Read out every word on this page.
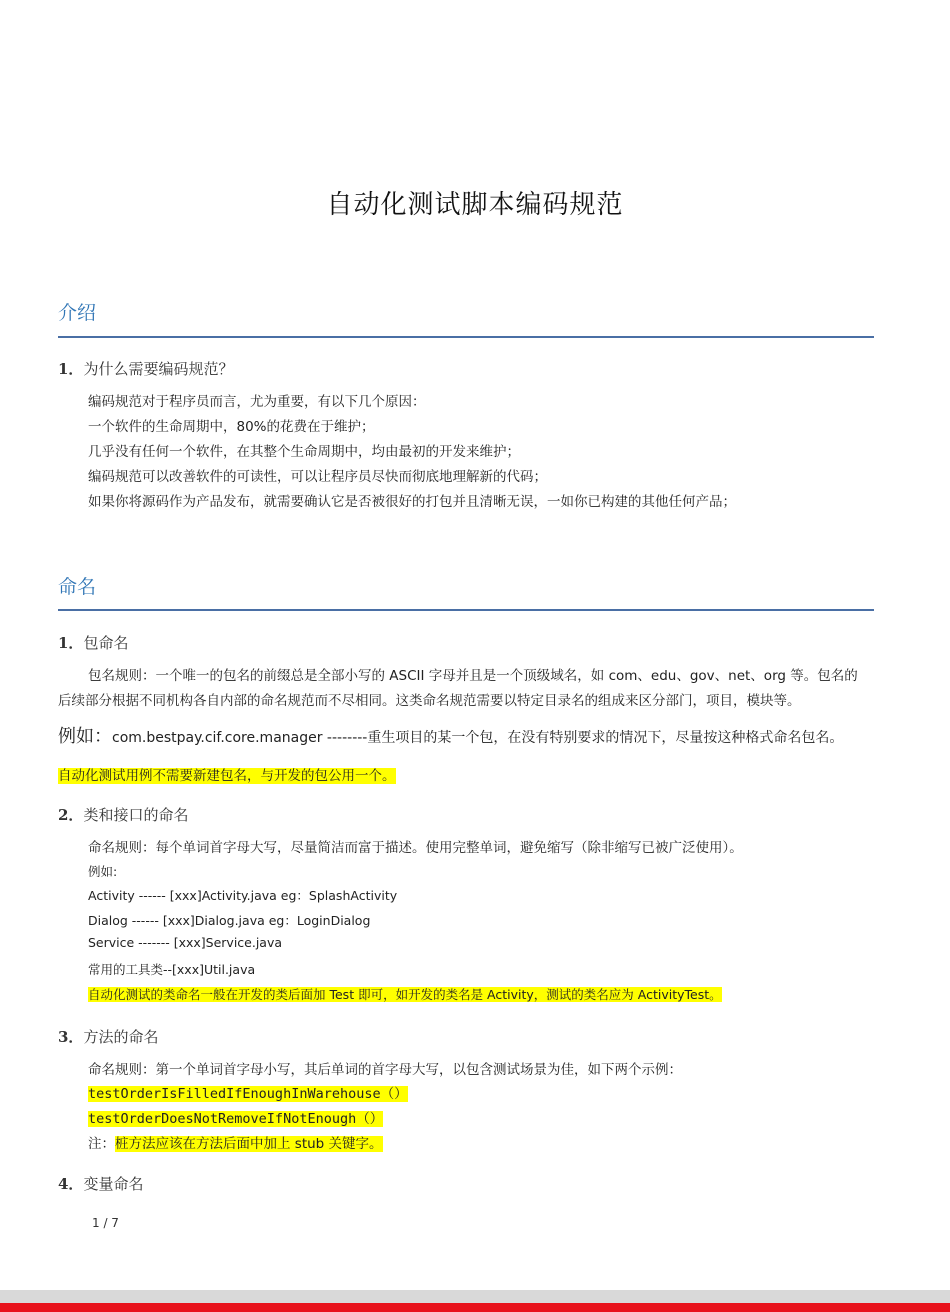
自动化测试脚本编码规范
介绍
1．为什么需要编码规范？
编码规范对于程序员而言，尤为重要，有以下几个原因：
一个软件的生命周期中，80%的花费在于维护；
几乎没有任何一个软件，在其整个生命周期中，均由最初的开发来维护；
编码规范可以改善软件的可读性，可以让程序员尽快而彻底地理解新的代码；
如果你将源码作为产品发布，就需要确认它是否被很好的打包并且清晰无误，一如你已构建的其他任何产品；
命名
1．包命名
包名规则：一个唯一的包名的前缀总是全部小写的 ASCII 字母并且是一个顶级域名，如 com、edu、gov、net、org 等。包名的
后续部分根据不同机构各自内部的命名规范而不尽相同。这类命名规范需要以特定目录名的组成来区分部门，项目，模块等。
例如：com.bestpay.cif.core.manager --------重生项目的某一个包，在没有特别要求的情况下，尽量按这种格式命名包名。
自动化测试用例不需要新建包名，与开发的包公用一个。
2．类和接口的命名
命名规则：每个单词首字母大写，尽量简洁而富于描述。使用完整单词，避免缩写（除非缩写已被广泛使用）。
例如:
Activity ------ [xxx]Activity.java eg：SplashActivity
Dialog ------ [xxx]Dialog.java eg：LoginDialog
Service ------- [xxx]Service.java
常用的工具类--[xxx]Util.java
自动化测试的类命名一般在开发的类后面加 Test 即可，如开发的类名是 Activity，测试的类名应为 ActivityTest。
3．方法的命名
命名规则：第一个单词首字母小写，其后单词的首字母大写，以包含测试场景为佳，如下两个示例：
testOrderIsFilledIfEnoughInWarehouse（）
testOrderDoesNotRemoveIfNotEnough（）
注：桩方法应该在方法后面中加上 stub 关键字。
4．变量命名
1 / 7
